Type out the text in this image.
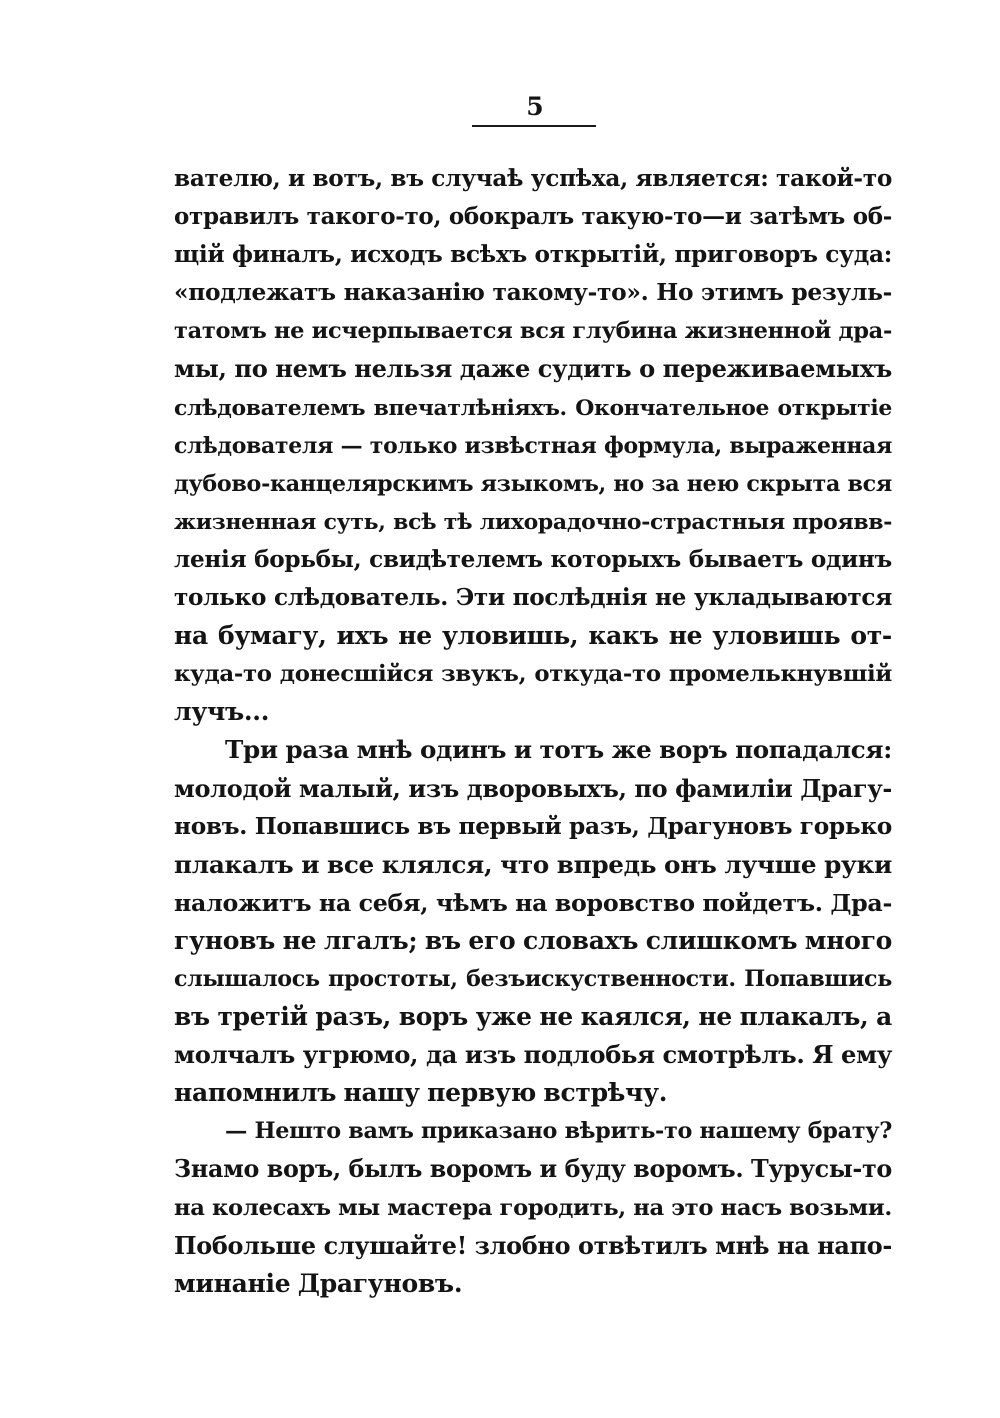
5
вателю, и вотъ, въ случаѣ успѣха, является: такой-то
отравилъ такого-то, обокралъ такую-то—и затѣмъ об-
щій финалъ, исходъ всѣхъ открытій, приговоръ суда:
«подлежатъ наказанію такому-то». Но этимъ резуль-
татомъ не исчерпывается вся глубина жизненной дра-
мы, по немъ нельзя даже судить о переживаемыхъ
слѣдователемъ впечатлѣніяхъ. Окончательное открытіе
слѣдователя — только извѣстная формула, выраженная
дубово-канцелярскимъ языкомъ, но за нею скрыта вся
жизненная суть, всѣ тѣ лихорадочно-страстныя проявв-
ленія борьбы, свидѣтелемъ которыхъ бываетъ одинъ
только слѣдователь. Эти послѣднія не укладываются
на бумагу, ихъ не уловишь, какъ не уловишь от-
куда-то донесшійся звукъ, откуда-то промелькнувшій
лучъ...
Три раза мнѣ одинъ и тотъ же воръ попадался:
молодой малый, изъ дворовыхъ, по фамиліи Драгу-
новъ. Попавшись въ первый разъ, Драгуновъ горько
плакалъ и все клялся, что впредь онъ лучше руки
наложитъ на себя, чѣмъ на воровство пойдетъ. Дра-
гуновъ не лгалъ; въ его словахъ слишкомъ много
слышалось простоты, безъискуственности. Попавшись
въ третій разъ, воръ уже не каялся, не плакалъ, а
молчалъ угрюмо, да изъ подлобья смотрѣлъ. Я ему
напомнилъ нашу первую встрѣчу.
— Нешто вамъ приказано вѣрить-то нашему брату?
Знамо воръ, былъ воромъ и буду воромъ. Турусы-то
на колесахъ мы мастера городить, на это насъ возьми.
Побольше слушайте! злобно отвѣтилъ мнѣ на напо-
минаніе Драгуновъ.
